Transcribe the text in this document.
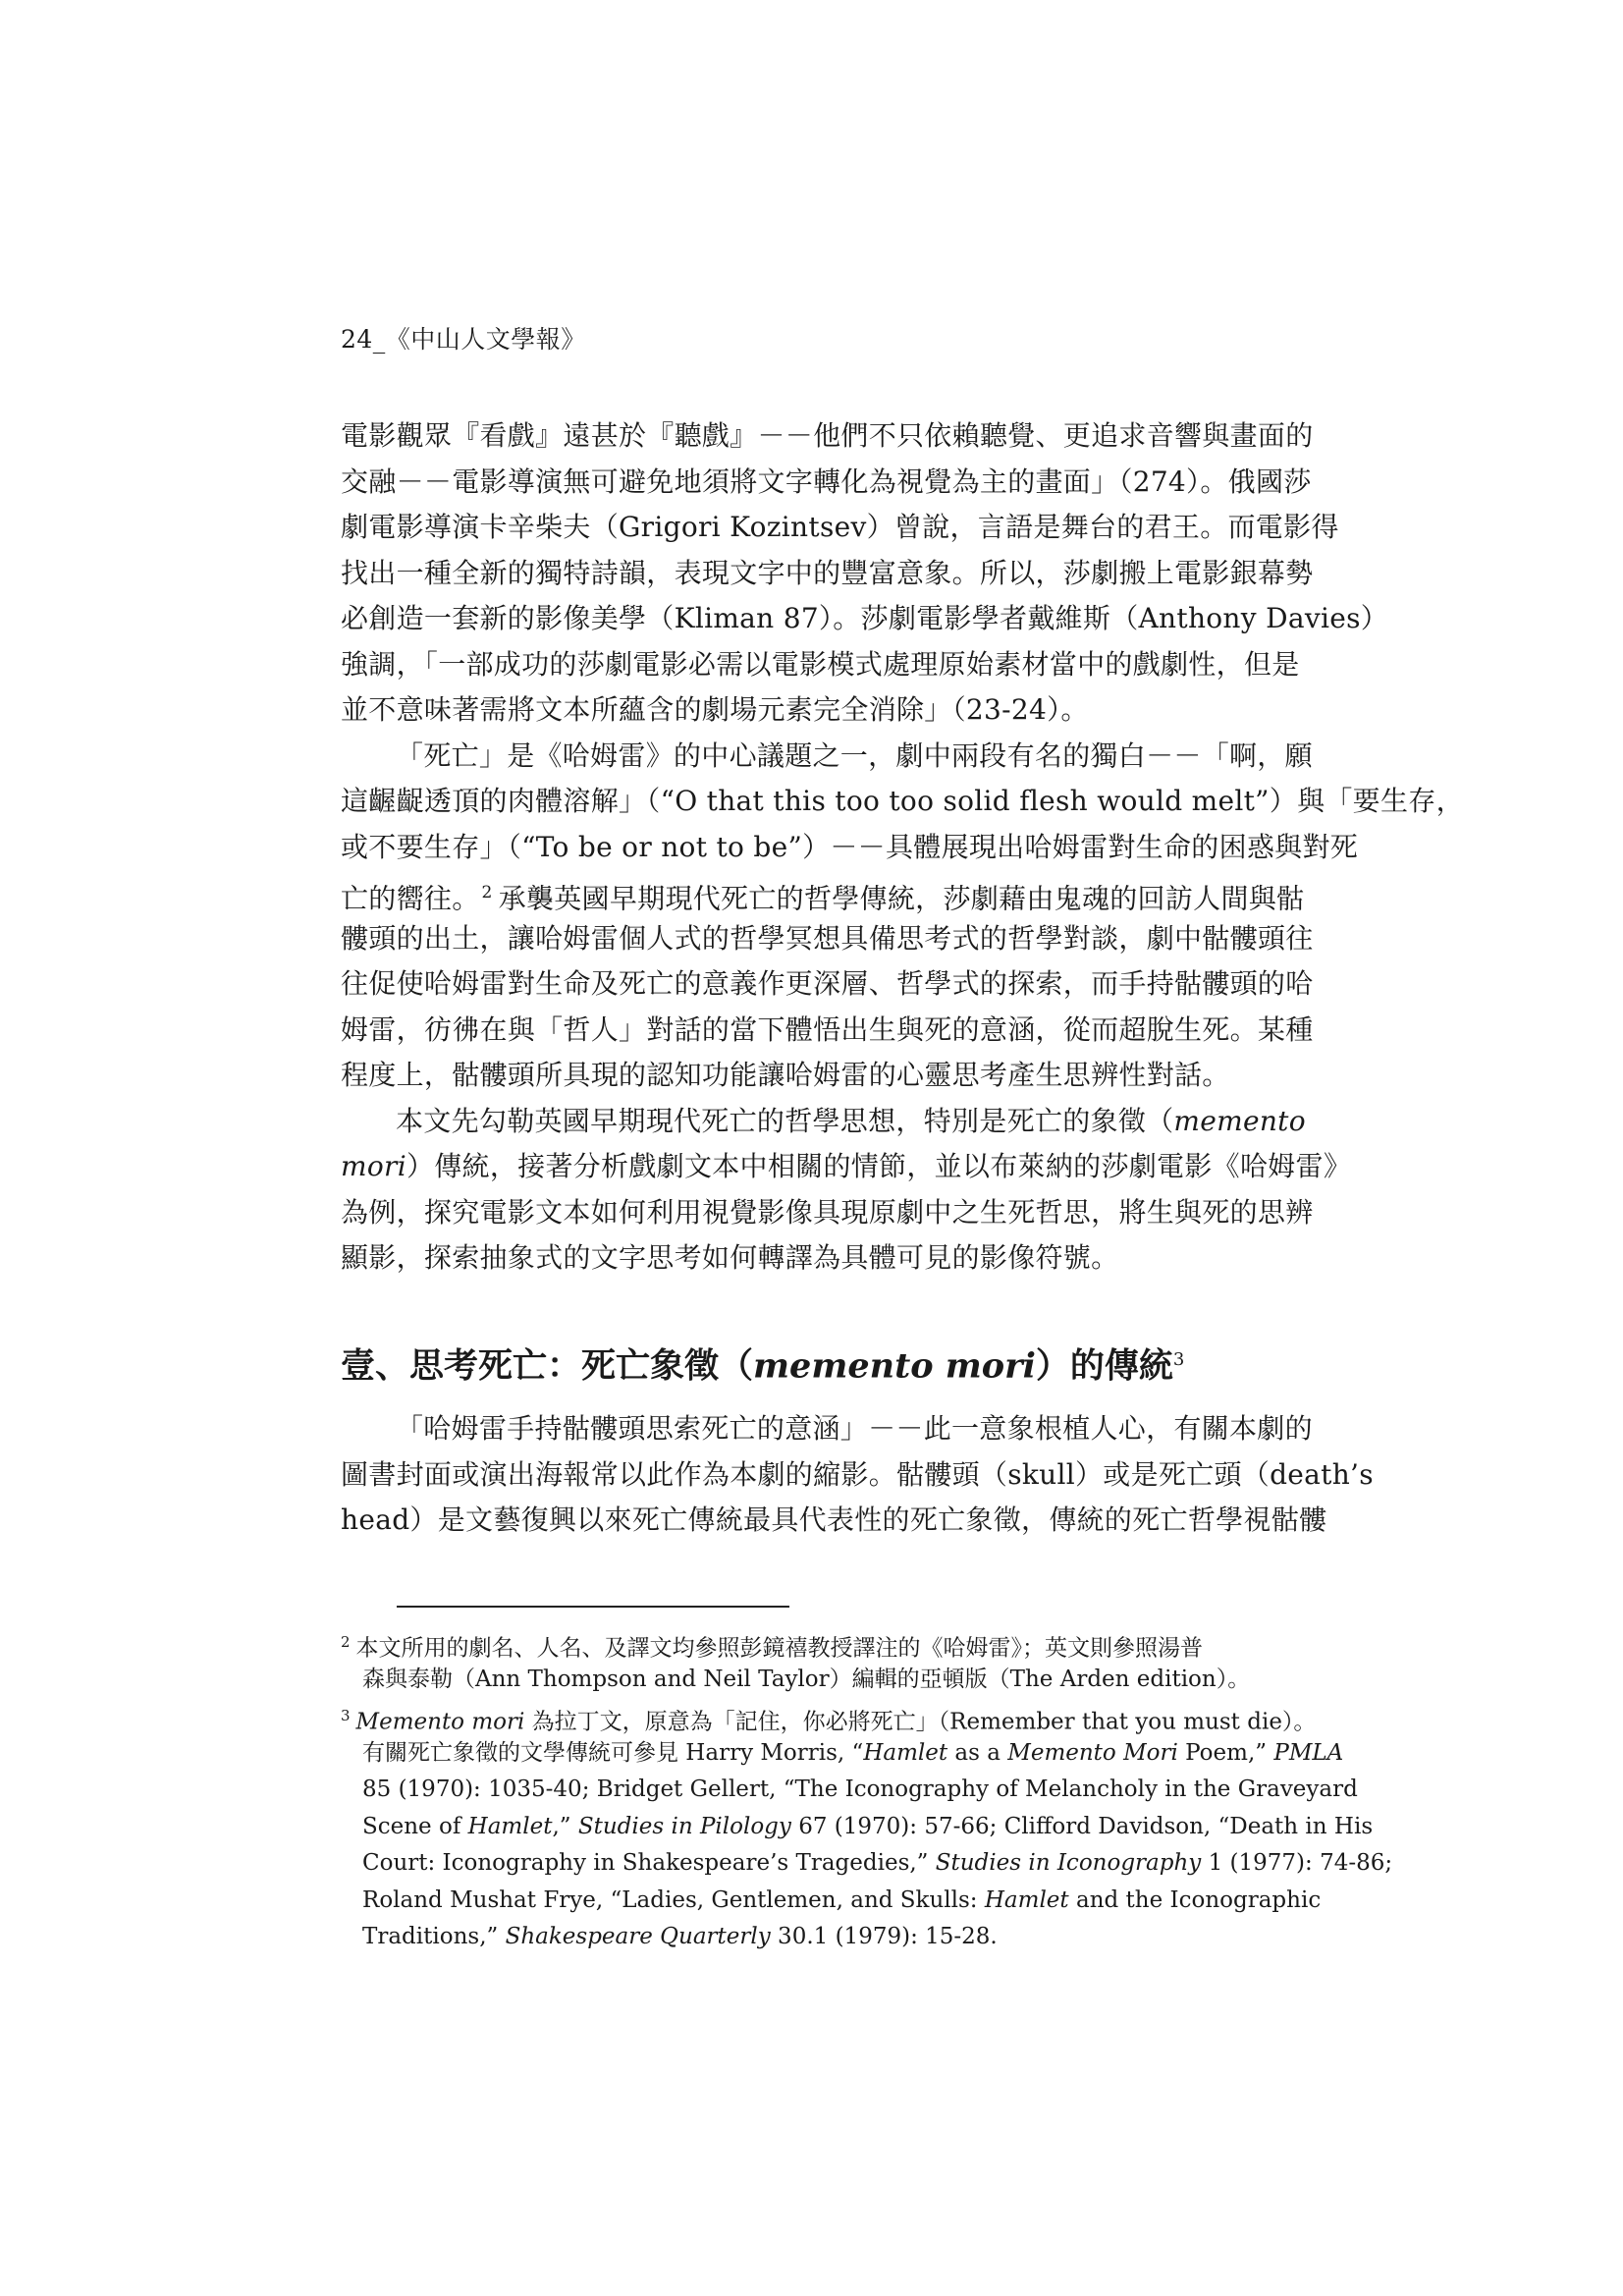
24_《中山人文學報》
電影觀眾『看戲』遠甚於『聽戲』－－他們不只依賴聽覺、更追求音響與畫面的
交融－－電影導演無可避免地須將文字轉化為視覺為主的畫面」（274）。俄國莎
劇電影導演卡辛柴夫（Grigori Kozintsev）曾說，言語是舞台的君王。而電影得
找出一種全新的獨特詩韻，表現文字中的豐富意象。所以，莎劇搬上電影銀幕勢
必創造一套新的影像美學（Kliman 87）。莎劇電影學者戴維斯（Anthony Davies）
強調，「一部成功的莎劇電影必需以電影模式處理原始素材當中的戲劇性，但是
並不意味著需將文本所蘊含的劇場元素完全消除」（23-24）。
「死亡」是《哈姆雷》的中心議題之一，劇中兩段有名的獨白－－「啊，願
這齷齪透頂的肉體溶解」（“O that this too too solid flesh would melt”）與「要生存，
或不要生存」（“To be or not to be”）－－具體展現出哈姆雷對生命的困惑與對死
亡的嚮往。 $^2$ 承襲英國早期現代死亡的哲學傳統，莎劇藉由鬼魂的回訪人間與骷
髏頭的出土，讓哈姆雷個人式的哲學冥想具備思考式的哲學對談，劇中骷髏頭往
往促使哈姆雷對生命及死亡的意義作更深層、哲學式的探索，而手持骷髏頭的哈
姆雷，彷彿在與「哲人」對話的當下體悟出生與死的意涵，從而超脫生死。某種
程度上，骷髏頭所具現的認知功能讓哈姆雷的心靈思考產生思辨性對話。
本文先勾勒英國早期現代死亡的哲學思想，特別是死亡的象徵（memento
mori）傳統，接著分析戲劇文本中相關的情節，並以布萊納的莎劇電影《哈姆雷》
為例，探究電影文本如何利用視覺影像具現原劇中之生死哲思，將生與死的思辨
顯影，探索抽象式的文字思考如何轉譯為具體可見的影像符號。
壹、思考死亡：死亡象徵（memento mori）的傳統$^3$
「哈姆雷手持骷髏頭思索死亡的意涵」－－此一意象根植人心，有關本劇的
圖書封面或演出海報常以此作為本劇的縮影。骷髏頭（skull）或是死亡頭（death’s
head）是文藝復興以來死亡傳統最具代表性的死亡象徵，傳統的死亡哲學視骷髏
$^2$ 本文所用的劇名、人名、及譯文均參照彭鏡禧教授譯注的《哈姆雷》；英文則參照湯普
森與泰勒（Ann Thompson and Neil Taylor）編輯的亞頓版（The Arden edition）。
$^3$ Memento mori 為拉丁文，原意為「記住，你必將死亡」（Remember that you must die）。
有關死亡象徵的文學傳統可參見 Harry Morris, “Hamlet as a Memento Mori Poem,” PMLA
85 (1970): 1035-40; Bridget Gellert, “The Iconography of Melancholy in the Graveyard
Scene of Hamlet,” Studies in Pilology 67 (1970): 57-66; Clifford Davidson, “Death in His
Court: Iconography in Shakespeare’s Tragedies,” Studies in Iconography 1 (1977): 74-86;
Roland Mushat Frye, “Ladies, Gentlemen, and Skulls: Hamlet and the Iconographic
Traditions,” Shakespeare Quarterly 30.1 (1979): 15-28.
